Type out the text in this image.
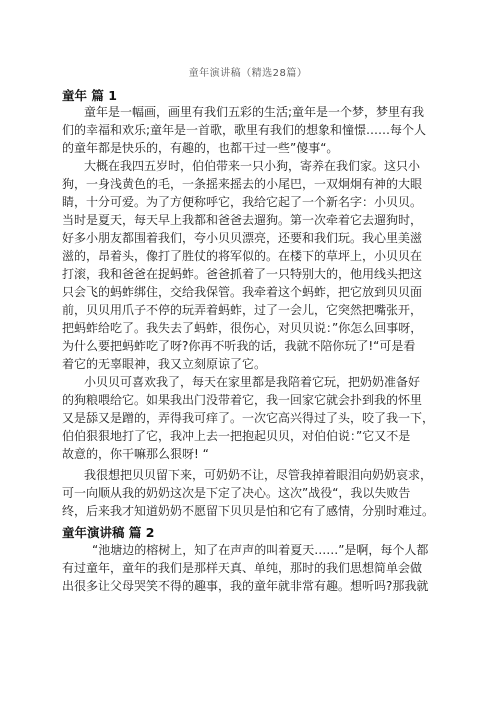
童年演讲稿（精选28篇）
童年 篇 1
童年是一幅画，画里有我们五彩的生活;童年是一个梦，梦里有我
们的幸福和欢乐;童年是一首歌，歌里有我们的想象和憧憬……每个人
的童年都是快乐的，有趣的，也都干过一些”傻事“。
大概在我四五岁时，伯伯带来一只小狗，寄养在我们家。这只小
狗，一身浅黄色的毛，一条摇来摇去的小尾巴，一双炯炯有神的大眼
睛，十分可爱。为了方便称呼它，我给它起了一个新名字：小贝贝。
当时是夏天，每天早上我都和爸爸去遛狗。第一次牵着它去遛狗时，
好多小朋友都围着我们，夸小贝贝漂亮，还要和我们玩。我心里美滋
滋的，昂着头，像打了胜仗的将军似的。在楼下的草坪上，小贝贝在
打滚，我和爸爸在捉蚂蚱。爸爸抓着了一只特别大的，他用线头把这
只会飞的蚂蚱绑住，交给我保管。我牵着这个蚂蚱，把它放到贝贝面
前，贝贝用爪子不停的玩弄着蚂蚱，过了一会儿，它突然把嘴张开，
把蚂蚱给吃了。我失去了蚂蚱，很伤心，对贝贝说：”你怎么回事呀，
为什么要把蚂蚱吃了呀?你再不听我的话，我就不陪你玩了!“可是看
着它的无辜眼神，我又立刻原谅了它。
小贝贝可喜欢我了，每天在家里都是我陪着它玩，把奶奶准备好
的狗粮喂给它。如果我出门没带着它，我一回家它就会扑到我的怀里
又是舔又是蹭的，弄得我可痒了。一次它高兴得过了头，咬了我一下，
伯伯狠狠地打了它，我冲上去一把抱起贝贝，对伯伯说：”它又不是
故意的，你干嘛那么狠呀! “
我很想把贝贝留下来，可奶奶不让，尽管我掉着眼泪向奶奶哀求，
可一向顺从我的奶奶这次是下定了决心。这次”战役“，我以失败告
终，后来我才知道奶奶不愿留下贝贝是怕和它有了感情，分别时难过。
童年演讲稿 篇 2
“池塘边的榕树上，知了在声声的叫着夏天……”是啊，每个人都
有过童年，童年的我们是那样天真、单纯，那时的我们思想简单会做
出很多让父母哭笑不得的趣事，我的童年就非常有趣。想听吗?那我就
